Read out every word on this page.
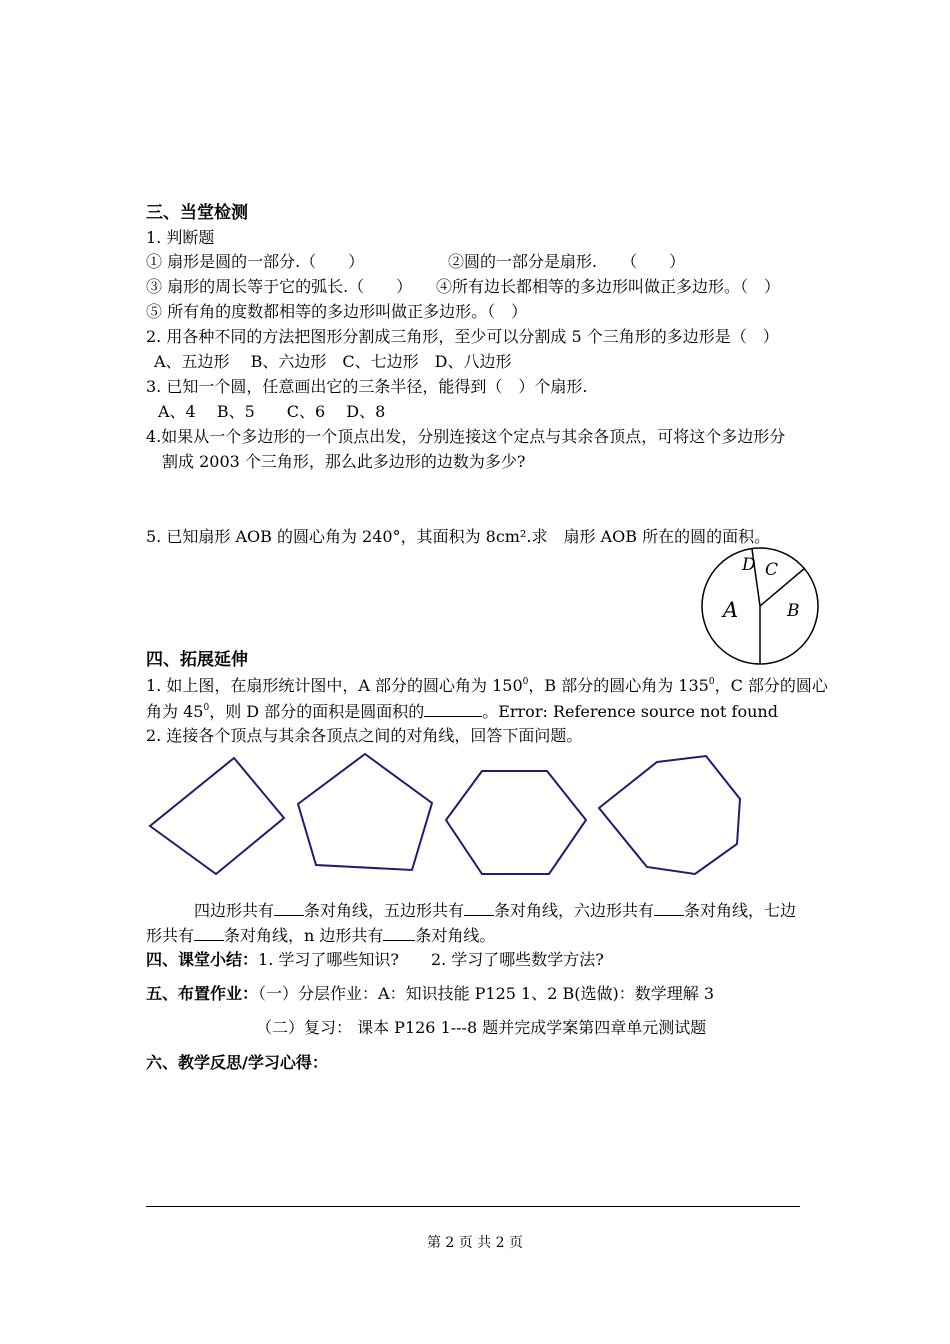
三、当堂检测
1. 判断题
① 扇形是圆的一部分.（　　）	②圆的一部分是扇形.　　（　　）
③ 扇形的周长等于它的弧长.（　　） ④所有边长都相等的多边形叫做正多边形。（　）
⑤ 所有角的度数都相等的多边形叫做正多边形。（　）
2. 用各种不同的方法把图形分割成三角形，至少可以分割成 5 个三角形的多边形是（　）
A、五边形　 B、六边形　C、七边形　D、八边形
3. 已知一个圆，任意画出它的三条半径，能得到（　）个扇形.
A、4　 B、5　　C、6　 D、8
4.如果从一个多边形的一个顶点出发，分别连接这个定点与其余各顶点，可将这个多边形分
割成 2003 个三角形，那么此多边形的边数为多少?
5. 已知扇形 AOB 的圆心角为 240°，其面积为 8cm².求　扇形 AOB 所在的圆的面积。
D C
A	B
四、拓展延伸
1. 如上图，在扇形统计图中，A 部分的圆心角为 $150^0$，B 部分的圆心角为 $135^0$，C 部分的圆心
角为 $45^0$，则 D 部分的面积是圆面积的	。Error: Reference source not found
2. 连接各个顶点与其余各顶点之间的对角线，回答下面问题。
四边形共有 条对角线，五边形共有 条对角线，六边形共有 条对角线，七边
形共有 条对角线，n 边形共有 条对角线。
四、课堂小结：1. 学习了哪些知识?　　2. 学习了哪些数学方法?
五、布置作业：（一）分层作业：A：知识技能 P125 1、2 B(选做)：数学理解 3
（二）复习： 课本 P126 1---8 题并完成学案第四章单元测试题
六、教学反思/学习心得：
第 2 页 共 2 页
